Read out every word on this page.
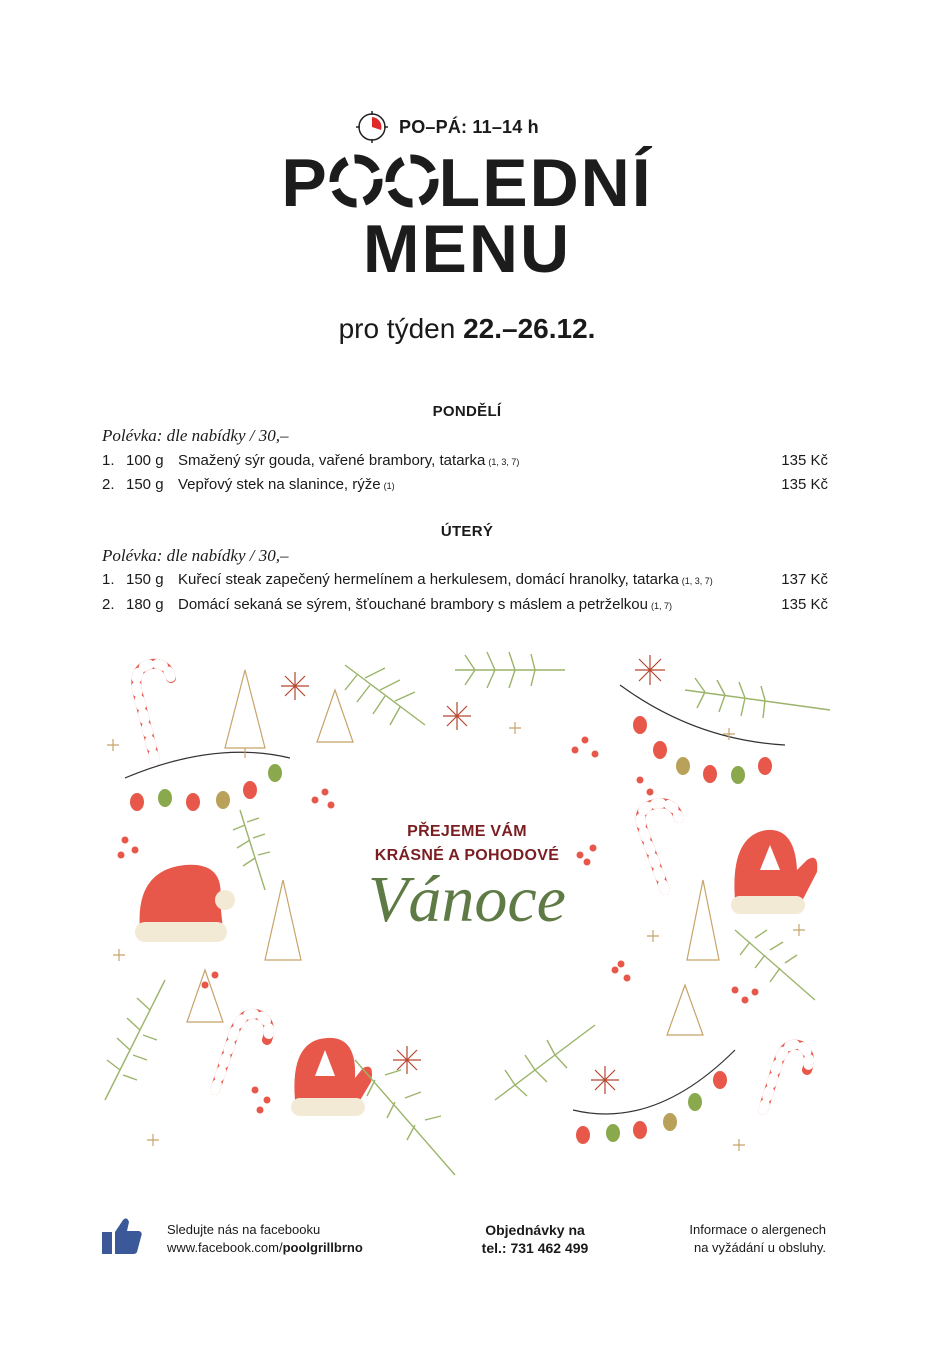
PO–PÁ: 11–14 h
P LEDNÍ
MENU
pro týden 22.–26.12.
PONDĚLÍ
Polévka: dle nabídky / 30,–
1. 100 g Smažený sýr gouda, vařené brambory, tatarka (1, 3, 7)	135 Kč
2. 150 g Vepřový stek na slanince, rýže (1)	135 Kč
ÚTERÝ
Polévka: dle nabídky / 30,–
1. 150 g Kuřecí steak zapečený hermelínem a herkulesem, domácí hranolky, tatarka (1, 3, 7)	137 Kč
2. 180 g Domácí sekaná se sýrem, šťouchané brambory s máslem a petrželkou (1, 7)	135 Kč
PŘEJEME VÁM
KRÁSNÉ A POHODOVÉ
Vánoce
Sledujte nás na facebooku
www.facebook.com/poolgrillbrno
Objednávky na
tel.: 731 462 499
Informace o alergenech
na vyžádání u obsluhy.
